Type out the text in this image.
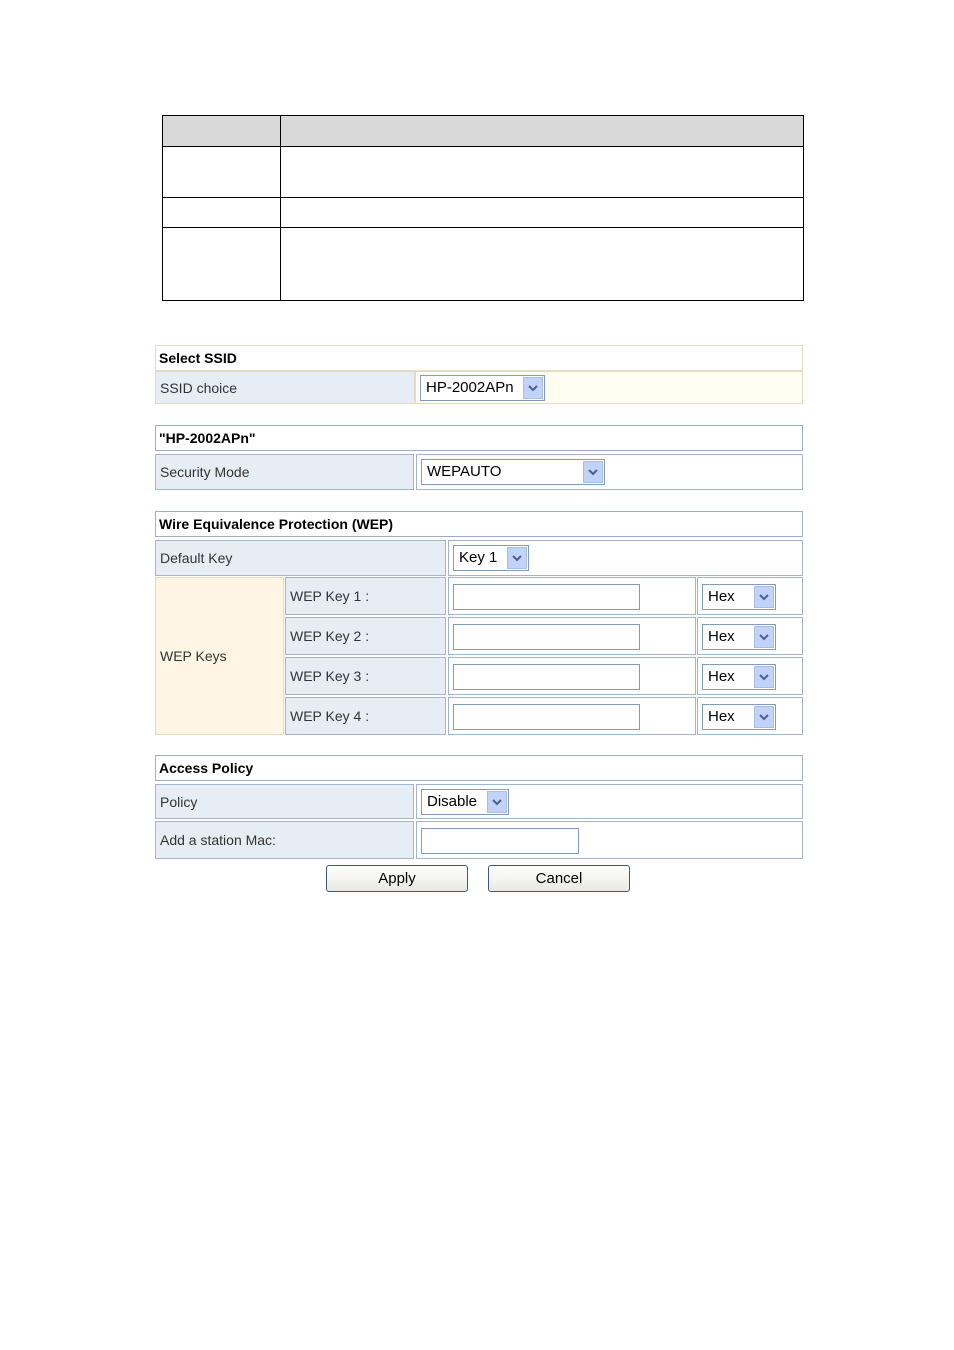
Select SSID
SSID choice	HP-2002APn
"HP-2002APn"
Security Mode	WEPAUTO
Wire Equivalence Protection (WEP)
Default Key	Key 1
WEP Keys
WEP Key 1 :	Hex
WEP Key 2 :	Hex
WEP Key 3 :	Hex
WEP Key 4 :	Hex
Access Policy
Policy	Disable
Add a station Mac:
Apply	Cancel
